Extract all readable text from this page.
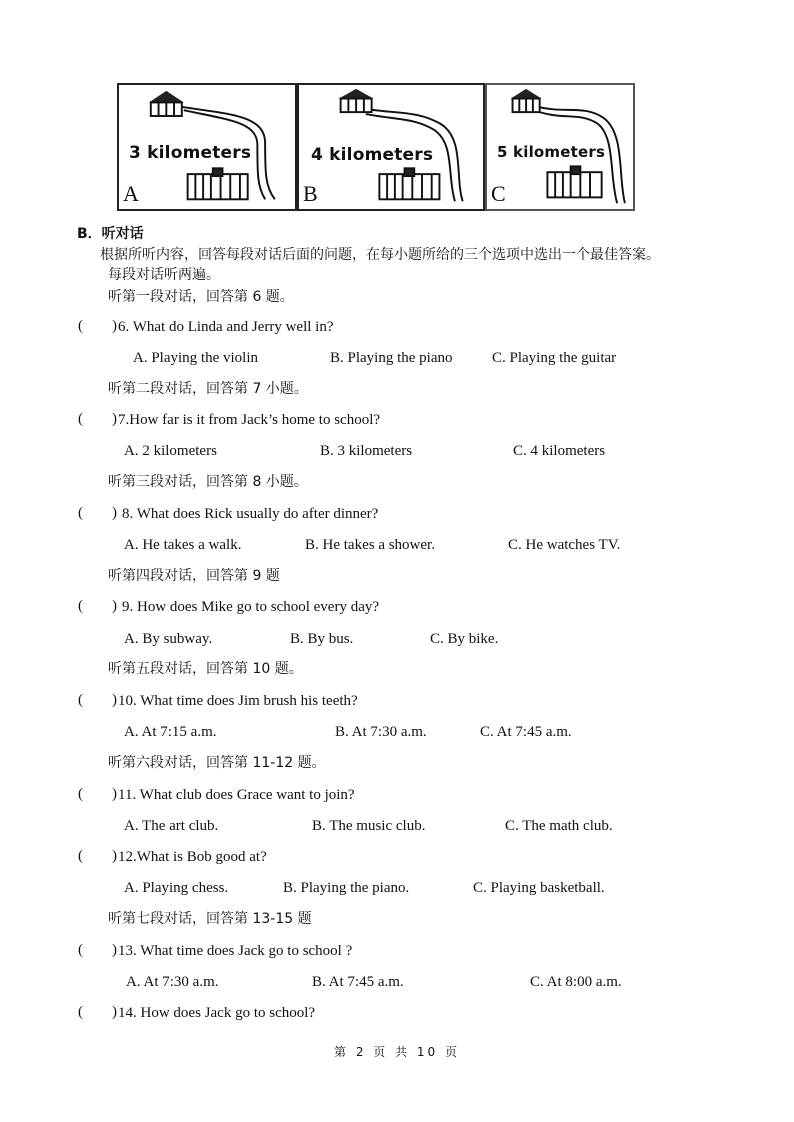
3 kilometers
A
4 kilometers
B
5 kilometers
C
B．听对话
根据所听内容，回答每段对话后面的问题，在每小题所给的三个选项中选出一个最佳答案。
每段对话听两遍。
听第一段对话，回答第 6 题。
( ) 6. What do Linda and Jerry well in?
A. Playing the violin	B. Playing the piano	C. Playing the guitar
听第二段对话，回答第 7 小题。
( ) 7.How far is it from Jack’s home to school?
A. 2 kilometers	B. 3 kilometers	C. 4 kilometers
听第三段对话，回答第 8 小题。
( ) 8. What does Rick usually do after dinner?
A. He takes a walk.	B. He takes a shower.	C. He watches TV.
听第四段对话，回答第 9 题
( ) 9. How does Mike go to school every day?
A. By subway.	B. By bus.	C. By bike.
听第五段对话，回答第 10 题。
( ) 10. What time does Jim brush his teeth?
A. At 7:15 a.m.	B. At 7:30 a.m.	C. At 7:45 a.m.
听第六段对话，回答第 11-12 题。
( ) 11. What club does Grace want to join?
A. The art club.	B. The music club.	C. The math club.
( ) 12.What is Bob good at?
A. Playing chess.	B. Playing the piano.	C. Playing basketball.
听第七段对话，回答第 13-15 题
( ) 13. What time does Jack go to school ?
A. At 7:30 a.m.	B. At 7:45 a.m.	C. At 8:00 a.m.
( ) 14. How does Jack go to school?
第 2 页 共 10 页
